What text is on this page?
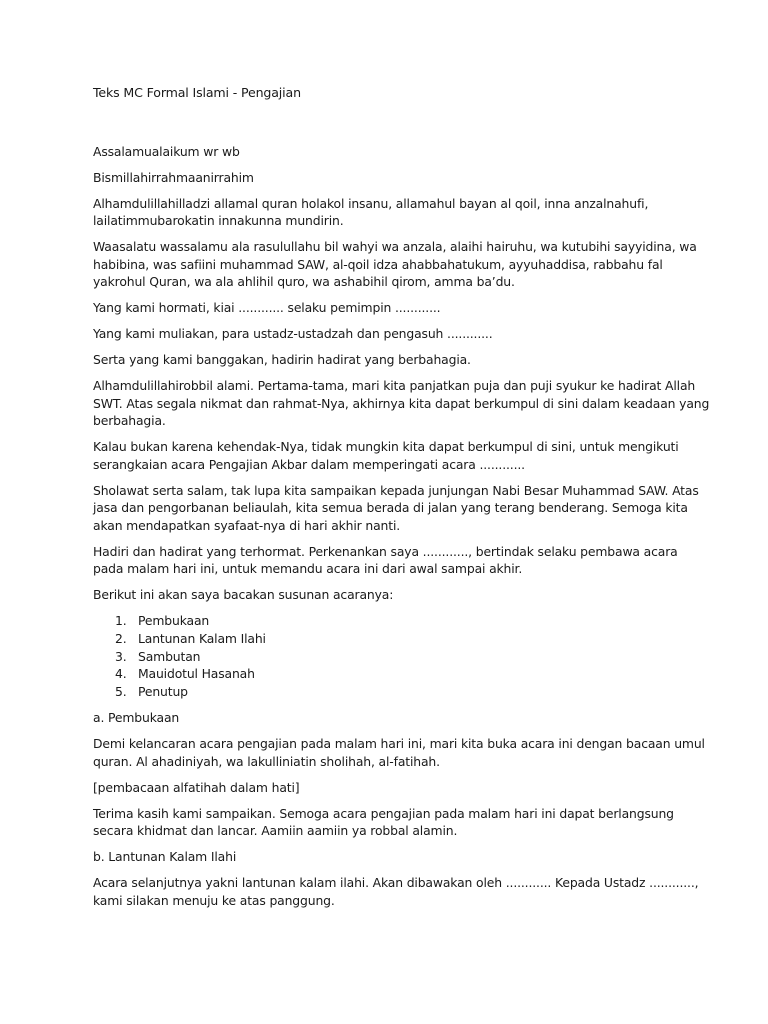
Teks MC Formal Islami - Pengajian

Assalamualaikum wr wb

Bismillahirrahmaanirrahim

Alhamdulillahilladzi allamal quran holakol insanu, allamahul bayan al qoil, inna anzalnahufi,
lailatimmubarokatin innakunna mundirin.

Waasalatu wassalamu ala rasulullahu bil wahyi wa anzala, alaihi hairuhu, wa kutubihi sayyidina, wa
habibina, was safiini muhammad SAW, al-qoil idza ahabbahatukum, ayyuhaddisa, rabbahu fal
yakrohul Quran, wa ala ahlihil quro, wa ashabihil qirom, amma ba’du.

Yang kami hormati, kiai ............ selaku pemimpin ............

Yang kami muliakan, para ustadz-ustadzah dan pengasuh ............

Serta yang kami banggakan, hadirin hadirat yang berbahagia.

Alhamdulillahirobbil alami. Pertama-tama, mari kita panjatkan puja dan puji syukur ke hadirat Allah
SWT. Atas segala nikmat dan rahmat-Nya, akhirnya kita dapat berkumpul di sini dalam keadaan yang
berbahagia.

Kalau bukan karena kehendak-Nya, tidak mungkin kita dapat berkumpul di sini, untuk mengikuti
serangkaian acara Pengajian Akbar dalam memperingati acara ............

Sholawat serta salam, tak lupa kita sampaikan kepada junjungan Nabi Besar Muhammad SAW. Atas
jasa dan pengorbanan beliaulah, kita semua berada di jalan yang terang benderang. Semoga kita
akan mendapatkan syafaat-nya di hari akhir nanti.

Hadiri dan hadirat yang terhormat. Perkenankan saya ............, bertindak selaku pembawa acara
pada malam hari ini, untuk memandu acara ini dari awal sampai akhir.

Berikut ini akan saya bacakan susunan acaranya:

1. Pembukaan
2. Lantunan Kalam Ilahi
3. Sambutan
4. Mauidotul Hasanah
5. Penutup

a. Pembukaan

Demi kelancaran acara pengajian pada malam hari ini, mari kita buka acara ini dengan bacaan umul
quran. Al ahadiniyah, wa lakulliniatin sholihah, al-fatihah.

[pembacaan alfatihah dalam hati]

Terima kasih kami sampaikan. Semoga acara pengajian pada malam hari ini dapat berlangsung
secara khidmat dan lancar. Aamiin aamiin ya robbal alamin.

b. Lantunan Kalam Ilahi

Acara selanjutnya yakni lantunan kalam ilahi. Akan dibawakan oleh ............ Kepada Ustadz ............,
kami silakan menuju ke atas panggung.
